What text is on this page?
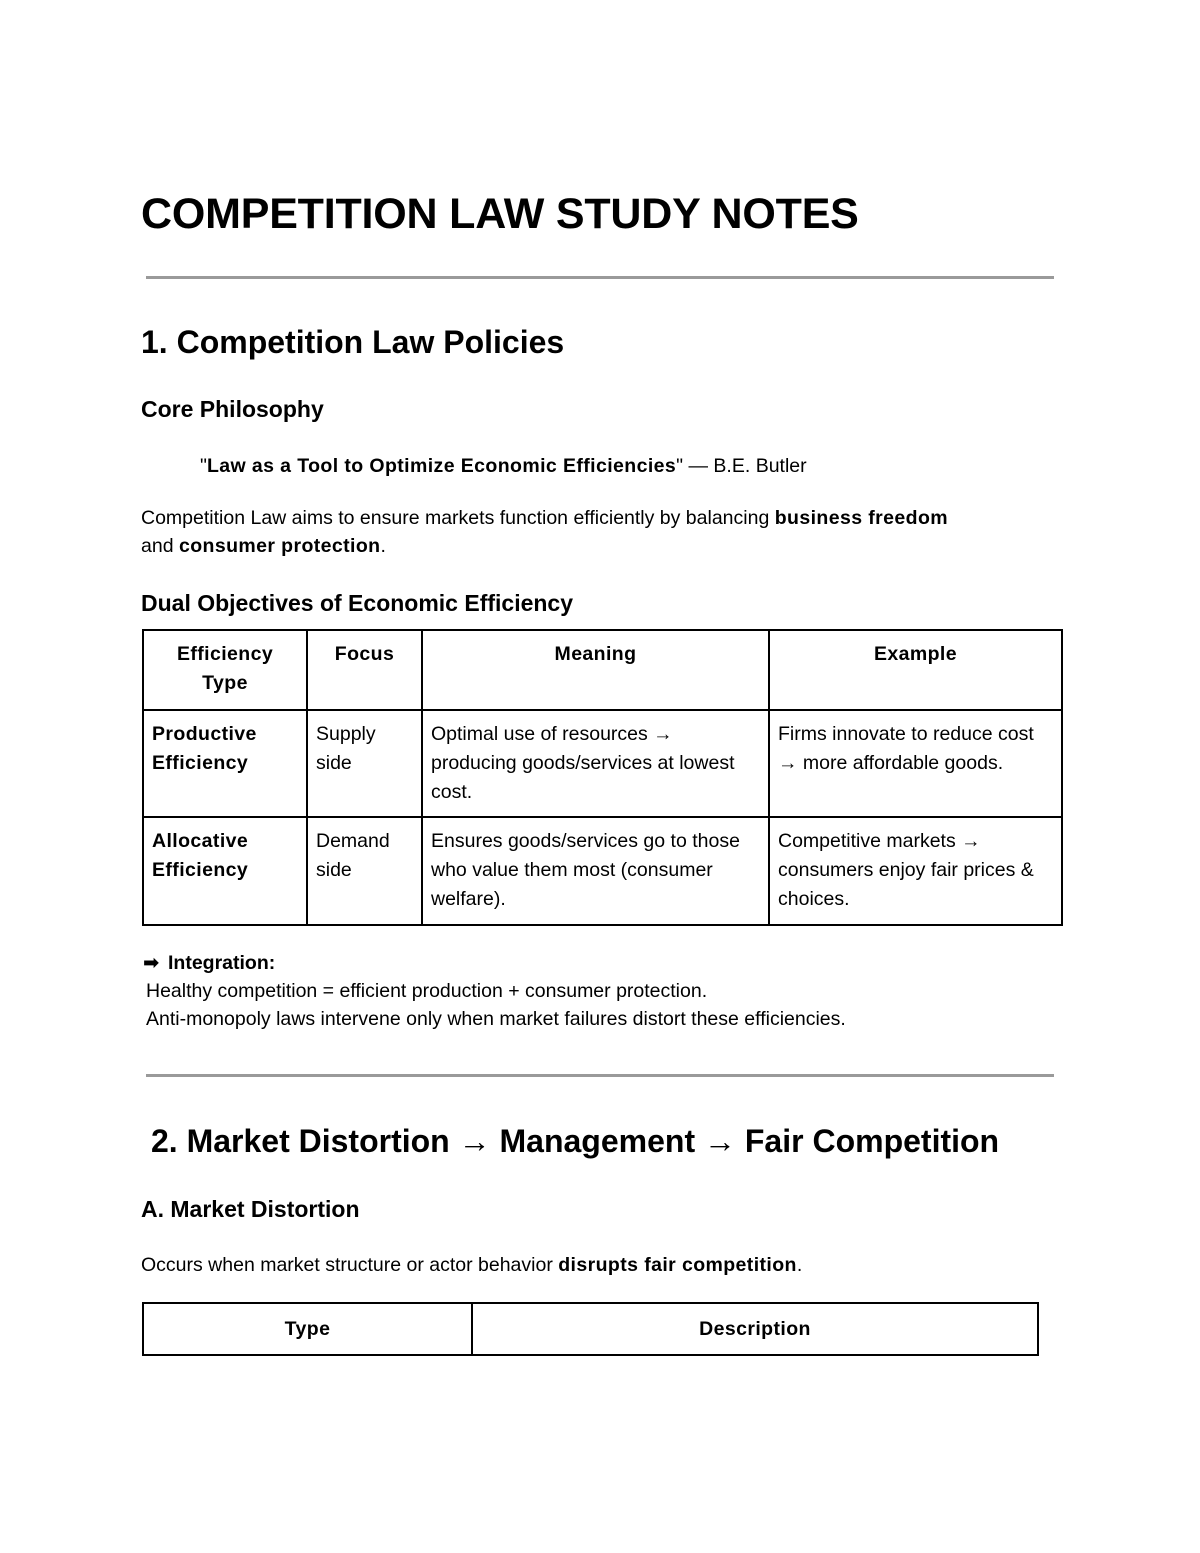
COMPETITION LAW STUDY NOTES
1. Competition Law Policies
Core Philosophy

"Law as a Tool to Optimize Economic Efficiencies" — B.E. Butler

Competition Law aims to ensure markets function efficiently by balancing business freedom
and consumer protection.

Dual Objectives of Economic Efficiency
Efficiency Type	Focus	Meaning	Example
Productive Efficiency	Supply side	Optimal use of resources → producing goods/services at lowest cost.	Firms innovate to reduce cost → more affordable goods.
Allocative Efficiency	Demand side	Ensures goods/services go to those who value them most (consumer welfare).	Competitive markets → consumers enjoy fair prices & choices.

➡ Integration:

Healthy competition = efficient production + consumer protection.

Anti-monopoly laws intervene only when market failures distort these efficiencies.

2. Market Distortion → Management → Fair Competition
A. Market Distortion

Occurs when market structure or actor behavior disrupts fair competition.

Type	Description
